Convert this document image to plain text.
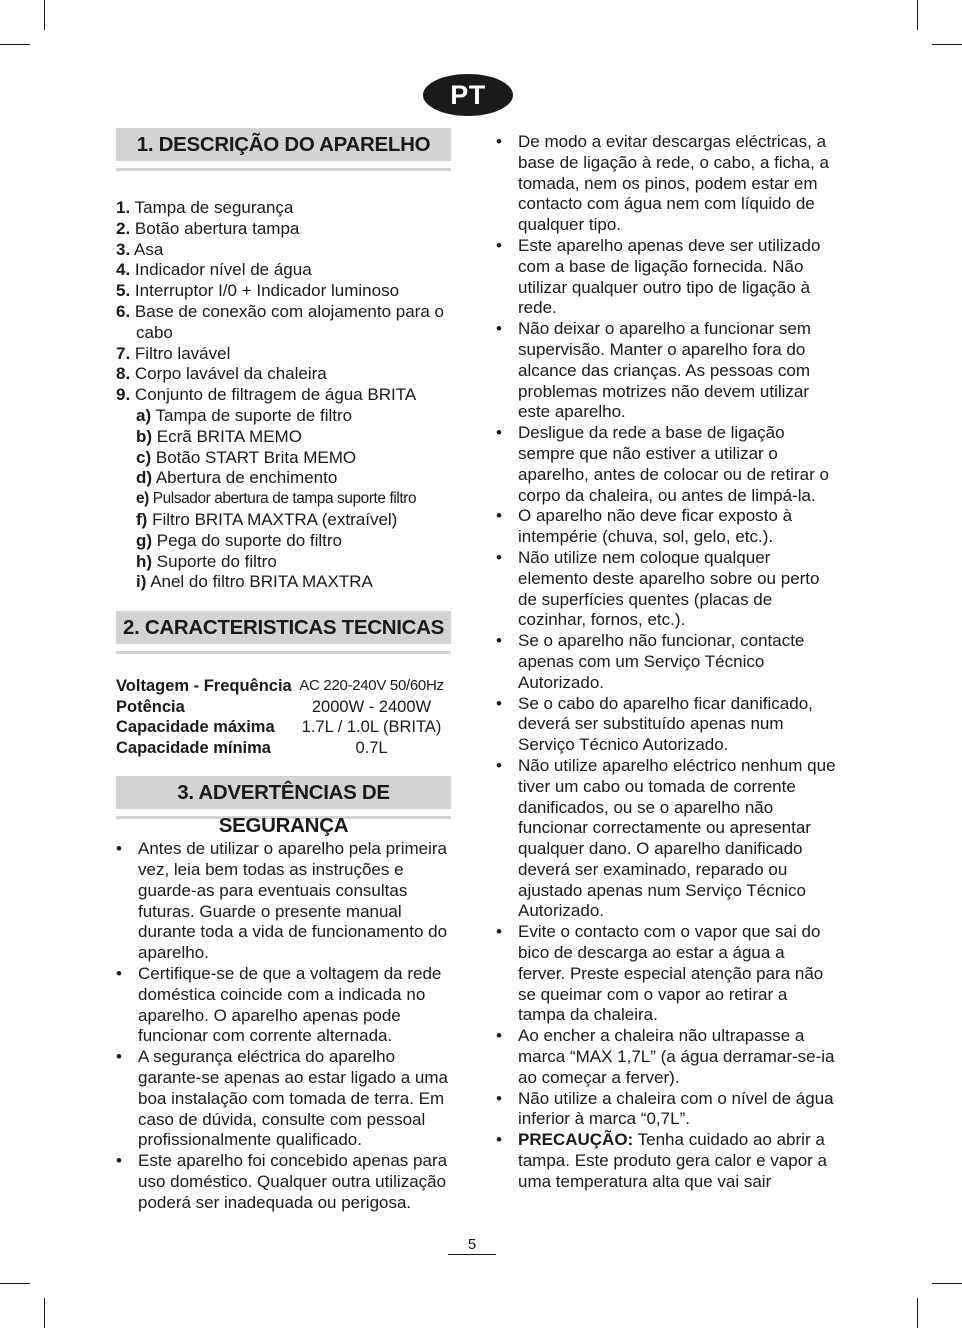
PT
1. DESCRIÇÃO DO APARELHO
1. Tampa de segurança
2. Botão abertura tampa
3. Asa
4. Indicador nível de água
5. Interruptor I/0 + Indicador luminoso
6. Base de conexão com alojamento para o cabo
7. Filtro lavável
8. Corpo lavável da chaleira
9. Conjunto de filtragem de água BRITA
a) Tampa de suporte de filtro
b) Ecrã BRITA MEMO
c) Botão START Brita MEMO
d) Abertura de enchimento
e) Pulsador abertura de tampa suporte filtro
f) Filtro BRITA MAXTRA (extraível)
g) Pega do suporte do filtro
h) Suporte do filtro
i) Anel do filtro BRITA MAXTRA
2. CARACTERISTICAS TECNICAS
Voltagem - Frequência AC 220-240V 50/60Hz
Potência	2000W - 2400W
Capacidade máxima	1.7L / 1.0L (BRITA)
Capacidade mínima	0.7L
3. ADVERTÊNCIAS DE SEGURANÇA
• Antes de utilizar o aparelho pela primeira vez, leia bem todas as instruções e guarde-as para eventuais consultas futuras. Guarde o presente manual durante toda a vida de funcionamento do aparelho.
• Certifique-se de que a voltagem da rede doméstica coincide com a indicada no aparelho. O aparelho apenas pode funcionar com corrente alternada.
• A segurança eléctrica do aparelho garante-se apenas ao estar ligado a uma boa instalação com tomada de terra. Em caso de dúvida, consulte com pessoal profissionalmente qualificado.
• Este aparelho foi concebido apenas para uso doméstico. Qualquer outra utilização poderá ser inadequada ou perigosa.
• De modo a evitar descargas eléctricas, a base de ligação à rede, o cabo, a ficha, a tomada, nem os pinos, podem estar em contacto com água nem com líquido de qualquer tipo.
• Este aparelho apenas deve ser utilizado com a base de ligação fornecida. Não utilizar qualquer outro tipo de ligação à rede.
• Não deixar o aparelho a funcionar sem supervisão. Manter o aparelho fora do alcance das crianças. As pessoas com problemas motrizes não devem utilizar este aparelho.
• Desligue da rede a base de ligação sempre que não estiver a utilizar o aparelho, antes de colocar ou de retirar o corpo da chaleira, ou antes de limpá-la.
• O aparelho não deve ficar exposto à intempérie (chuva, sol, gelo, etc.).
• Não utilize nem coloque qualquer elemento deste aparelho sobre ou perto de superfícies quentes (placas de cozinhar, fornos, etc.).
• Se o aparelho não funcionar, contacte apenas com um Serviço Técnico Autorizado.
• Se o cabo do aparelho ficar danificado, deverá ser substituído apenas num Serviço Técnico Autorizado.
• Não utilize aparelho eléctrico nenhum que tiver um cabo ou tomada de corrente danificados, ou se o aparelho não funcionar correctamente ou apresentar qualquer dano. O aparelho danificado deverá ser examinado, reparado ou ajustado apenas num Serviço Técnico Autorizado.
• Evite o contacto com o vapor que sai do bico de descarga ao estar a água a ferver. Preste especial atenção para não se queimar com o vapor ao retirar a tampa da chaleira.
• Ao encher a chaleira não ultrapasse a marca “MAX 1,7L” (a água derramar-se-ia ao começar a ferver).
• Não utilize a chaleira com o nível de água inferior à marca “0,7L”.
• PRECAUÇÃO: Tenha cuidado ao abrir a tampa. Este produto gera calor e vapor a uma temperatura alta que vai sair
5
